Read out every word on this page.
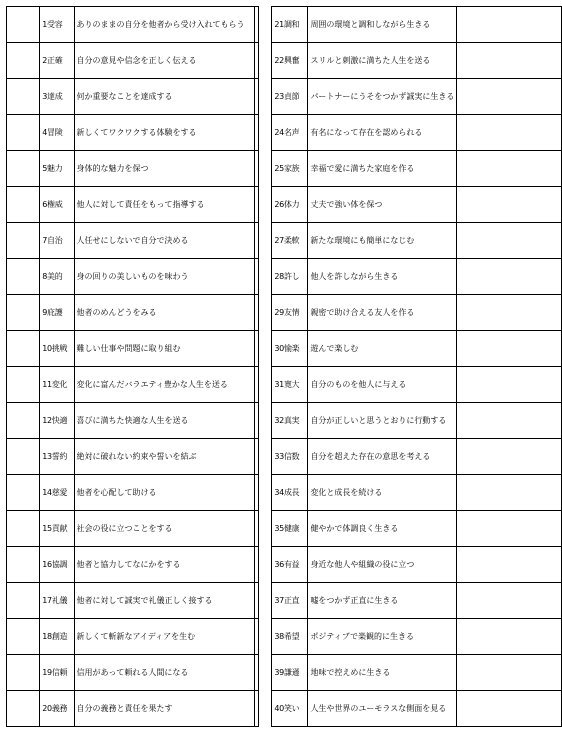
	1受容	ありのままの自分を他者から受け入れてもらう			21調和	周囲の環境と調和しながら生きる	
	2正確	自分の意見や信念を正しく伝える			22興奮	スリルと刺激に満ちた人生を送る	
	3達成	何か重要なことを達成する			23貞節	パートナーにうそをつかず誠実に生きる	
	4冒険	新しくてワクワクする体験をする			24名声	有名になって存在を認められる	
	5魅力	身体的な魅力を保つ			25家族	幸福で愛に満ちた家庭を作る	
	6権威	他人に対して責任をもって指導する			26体力	丈夫で強い体を保つ	
	7自治	人任せにしないで自分で決める			27柔軟	新たな環境にも簡単になじむ	
	8美的	身の回りの美しいものを味わう			28許し	他人を許しながら生きる	
	9庇護	他者のめんどうをみる			29友情	親密で助け合える友人を作る	
	10挑戦	難しい仕事や問題に取り組む			30愉楽	遊んで楽しむ	
	11変化	変化に富んだバラエティ豊かな人生を送る			31寛大	自分のものを他人に与える	
	12快適	喜びに満ちた快適な人生を送る			32真実	自分が正しいと思うとおりに行動する	
	13誓約	絶対に破れない約束や誓いを結ぶ			33信数	自分を超えた存在の意思を考える	
	14慈愛	他者を心配して助ける			34成長	変化と成長を続ける	
	15貢献	社会の役に立つことをする			35健康	健やかで体調良く生きる	
	16協調	他者と協力してなにかをする			36有益	身近な他人や組織の役に立つ	
	17礼儀	他者に対して誠実で礼儀正しく接する			37正直	嘘をつかず正直に生きる	
	18創造	新しくて斬新なアイディアを生む			38希望	ポジティブで楽観的に生きる	
	19信頼	信用があって頼れる人間になる			39謙遜	地味で控えめに生きる	
	20義務	自分の義務と責任を果たす			40笑い	人生や世界のユーモラスな側面を見る	
